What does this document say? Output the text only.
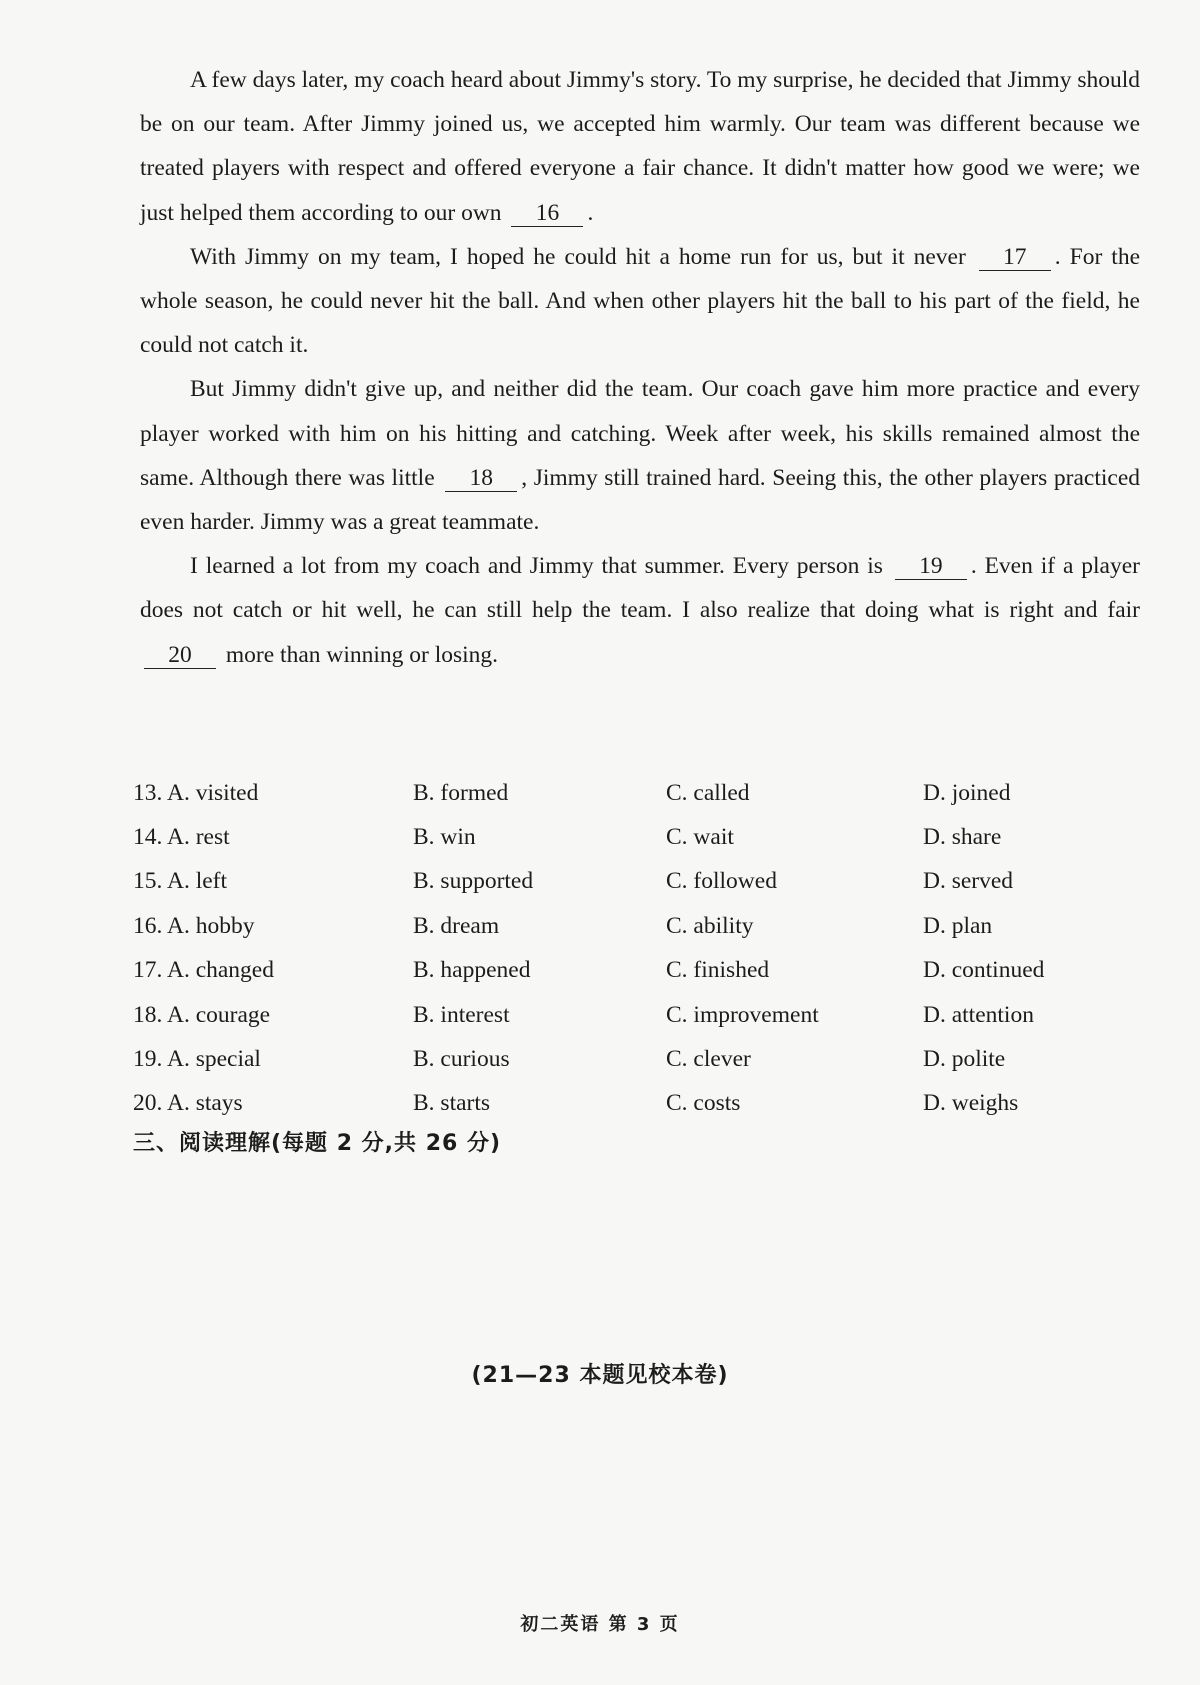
A few days later, my coach heard about Jimmy's story. To my surprise, he decided that Jimmy should be on our team. After Jimmy joined us, we accepted him warmly. Our team was different because we treated players with respect and offered everyone a fair chance. It didn't matter how good we were; we just helped them according to our own 16 .

With Jimmy on my team, I hoped he could hit a home run for us, but it never 17 . For the whole season, he could never hit the ball. And when other players hit the ball to his part of the field, he could not catch it.

But Jimmy didn't give up, and neither did the team. Our coach gave him more practice and every player worked with him on his hitting and catching. Week after week, his skills remained almost the same. Although there was little 18 , Jimmy still trained hard. Seeing this, the other players practiced even harder. Jimmy was a great teammate.

I learned a lot from my coach and Jimmy that summer. Every person is 19 . Even if a player does not catch or hit well, he can still help the team. I also realize that doing what is right and fair 20 more than winning or losing.

13. A. visited	B. formed	C. called	D. joined
14. A. rest	B. win	C. wait	D. share
15. A. left	B. supported	C. followed	D. served
16. A. hobby	B. dream	C. ability	D. plan
17. A. changed	B. happened	C. finished	D. continued
18. A. courage	B. interest	C. improvement	D. attention
19. A. special	B. curious	C. clever	D. polite
20. A. stays	B. starts	C. costs	D. weighs
三、阅读理解(每题 2 分,共 26 分)
(21—23 本题见校本卷)
初二英语 第 3 页
